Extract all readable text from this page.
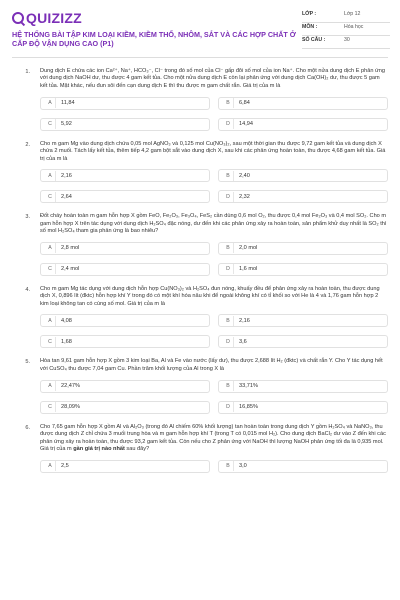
QUIZIZZ
HỆ THỐNG BÀI TẬP KIM LOẠI KIỀM, KIỀM THỔ, NHÔM, SẮT VÀ CÁC HỢP CHẤT Ở CẤP ĐỘ VẬN DỤNG CAO (P1)
LỚP :	Lớp 12
MÔN :	Hóa học
SỐ CÂU :	30
1. Dung dịch E chứa các ion Ca²⁺, Na⁺, HCO₃⁻, Cl⁻ trong đó số mol của Cl⁻ gấp đôi số mol của ion Na⁺. Cho một nửa dung dịch E phản ứng với dung dịch NaOH dư, thu được 4 gam kết tủa. Cho một nửa dung dịch E còn lại phản ứng với dung dịch Ca(OH)₂ dư, thu được 5 gam kết tủa. Mặt khác, nếu đun sôi đến cạn dung dịch E thì thu được m gam chất rắn. Giá trị của m là
A	11,84	B	6,84
C	5,92	D	14,94
2. Cho m gam Mg vào dung dịch chứa 0,05 mol AgNO₃ và 0,125 mol Cu(NO₃)₂, sau một thời gian thu được 9,72 gam kết tủa và dung dịch X chứa 2 muối. Tách lấy kết tủa, thêm tiếp 4,2 gam bột sắt vào dung dịch X, sau khi các phản ứng hoàn toàn, thu được 4,68 gam kết tủa. Giá trị của m là
A	2,16	B	2,40
C	2,64	D	2,32
3. Đốt cháy hoàn toàn m gam hỗn hợp X gồm FeO, Fe₂O₃, Fe₃O₄, FeS₂ cần dùng 0,6 mol O₂, thu được 0,4 mol Fe₂O₃ và 0,4 mol SO₂. Cho m gam hỗn hợp X trên tác dụng với dung dịch H₂SO₄ đặc nóng, dư đến khi các phản ứng xảy ra hoàn toàn, sản phẩm khử duy nhất là SO₂ thì số mol H₂SO₄ tham gia phản ứng là bao nhiêu?
A	2,8 mol	B	2,0 mol
C	2,4 mol	D	1,6 mol
4. Cho m gam Mg tác dụng với dung dịch hỗn hợp Cu(NO₃)₂ và H₂SO₄ đun nóng, khuấy đều để phản ứng xảy ra hoàn toàn, thu được dung dịch X, 0,896 lít (đktc) hỗn hợp khí Y trong đó có một khí hóa nâu khi để ngoài không khí có tỉ khối so với He là 4 và 1,76 gam hỗn hợp 2 kim loại không tan có cùng số mol. Giá trị của m là
A	4,08	B	2,16
C	1,68	D	3,6
5. Hòa tan 9,61 gam hỗn hợp X gồm 3 kim loại Ba, Al và Fe vào nước (lấy dư), thu được 2,688 lít H₂ (đktc) và chất rắn Y. Cho Y tác dụng hết với CuSO₄ thu được 7,04 gam Cu. Phần trăm khối lượng của Al trong X là
A	22,47%	B	33,71%
C	28,09%	D	16,85%
6. Cho 7,65 gam hỗn hợp X gồm Al và Al₂O₃ (trong đó Al chiếm 60% khối lượng) tan hoàn toàn trong dung dịch Y gồm H₂SO₄ và NaNO₃, thu được dung dịch Z chỉ chứa 3 muối trung hòa và m gam hỗn hợp khí T (trong T có 0,015 mol H₂). Cho dung dịch BaCl₂ dư vào Z đến khi các phản ứng xảy ra hoàn toàn, thu được 93,2 gam kết tủa. Còn nếu cho Z phản ứng với NaOH thì lượng NaOH phản ứng tối đa là 0,935 mol. Giá trị của m gần giá trị nào nhất sau đây?
A	2,5	B	3,0
